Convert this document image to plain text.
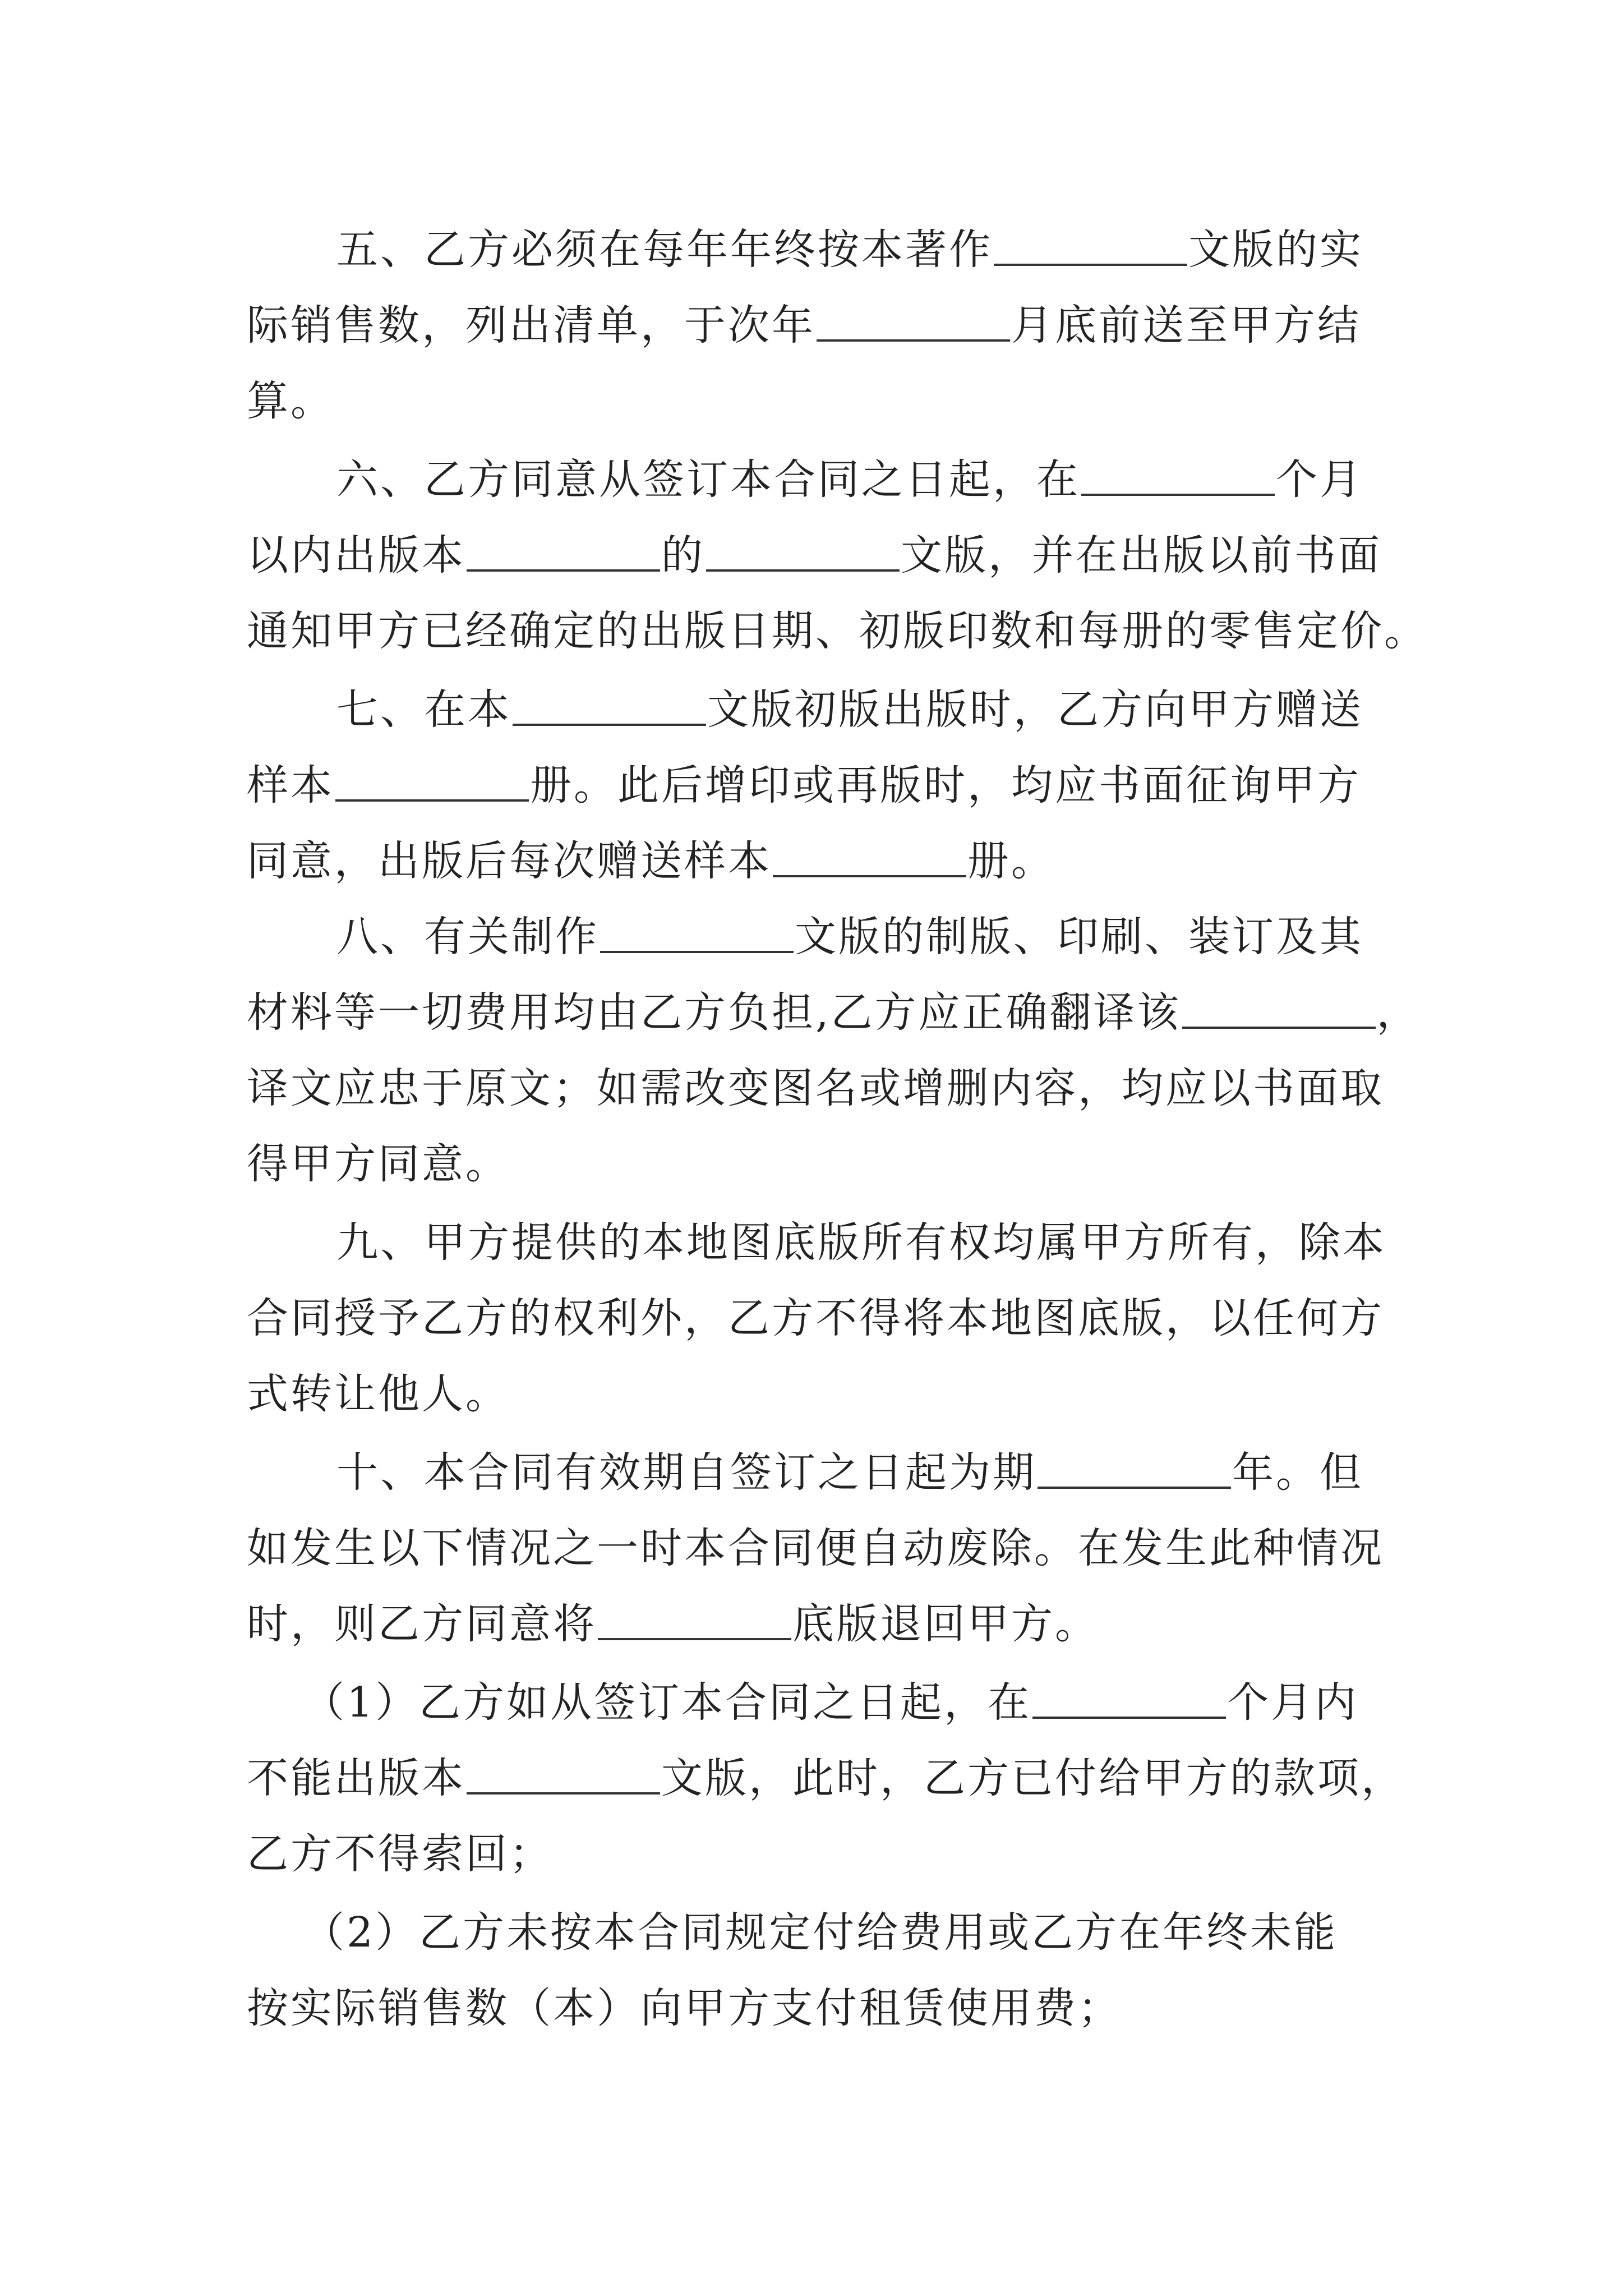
五、乙方必须在每年年终按本著作	文版的实
际销售数，列出清单，于次年	月底前送至甲方结
算。
六、乙方同意从签订本合同之日起，在	个月
以内出版本	的	文版，并在出版以前书面
通知甲方已经确定的出版日期、初版印数和每册的零售定价。
七、在本	文版初版出版时，乙方向甲方赠送
样本	册。此后增印或再版时，均应书面征询甲方
同意，出版后每次赠送样本	册。
八、有关制作	文版的制版、印刷、装订及其
材料等一切费用均由乙方负担,乙方应正确翻译该	，
译文应忠于原文；如需改变图名或增删内容，均应以书面取
得甲方同意。
九、甲方提供的本地图底版所有权均属甲方所有，除本
合同授予乙方的权利外，乙方不得将本地图底版，以任何方
式转让他人。
十、本合同有效期自签订之日起为期	年。但
如发生以下情况之一时本合同便自动废除。在发生此种情况
时，则乙方同意将	底版退回甲方。
（1）乙方如从签订本合同之日起，在	个月内
不能出版本	文版，此时，乙方已付给甲方的款项，
乙方不得索回；
（2）乙方未按本合同规定付给费用或乙方在年终未能
按实际销售数（本）向甲方支付租赁使用费；
